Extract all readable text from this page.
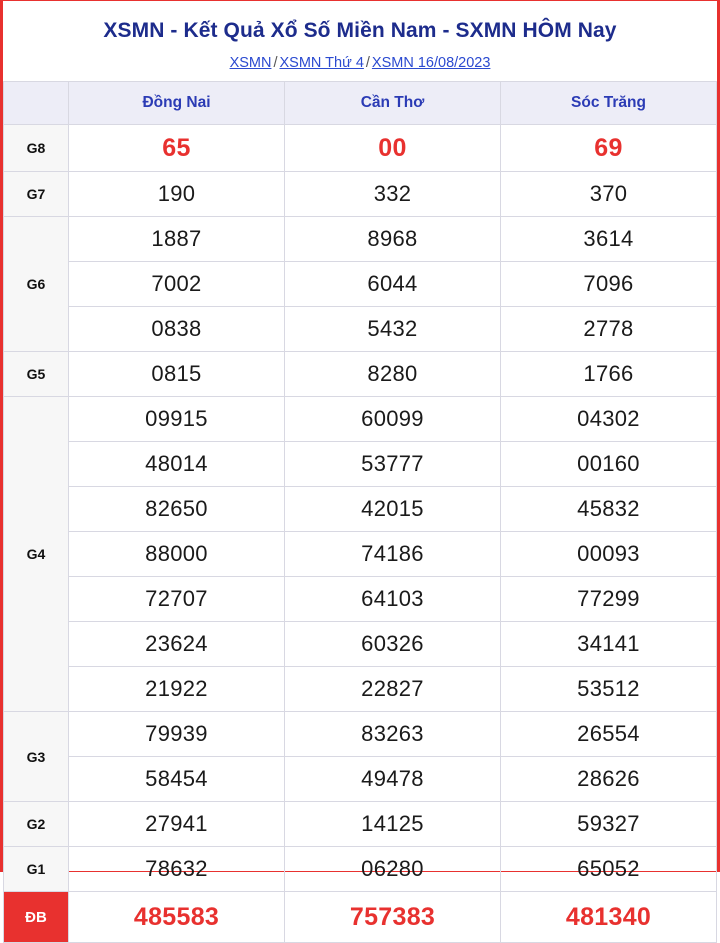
XSMN - Kết Quả Xổ Số Miền Nam - SXMN HÔM Nay
XSMN / XSMN Thứ 4 / XSMN 16/08/2023
	Đồng Nai	Cần Thơ	Sóc Trăng
G8	65	00	69
G7	190	332	370
G6	1887	8968	3614
	7002	6044	7096
	0838	5432	2778
G5	0815	8280	1766
G4	09915	60099	04302
	48014	53777	00160
	82650	42015	45832
	88000	74186	00093
	72707	64103	77299
	23624	60326	34141
	21922	22827	53512
G3	79939	83263	26554
	58454	49478	28626
G2	27941	14125	59327
G1	78632	06280	65052
ĐB	485583	757383	481340
